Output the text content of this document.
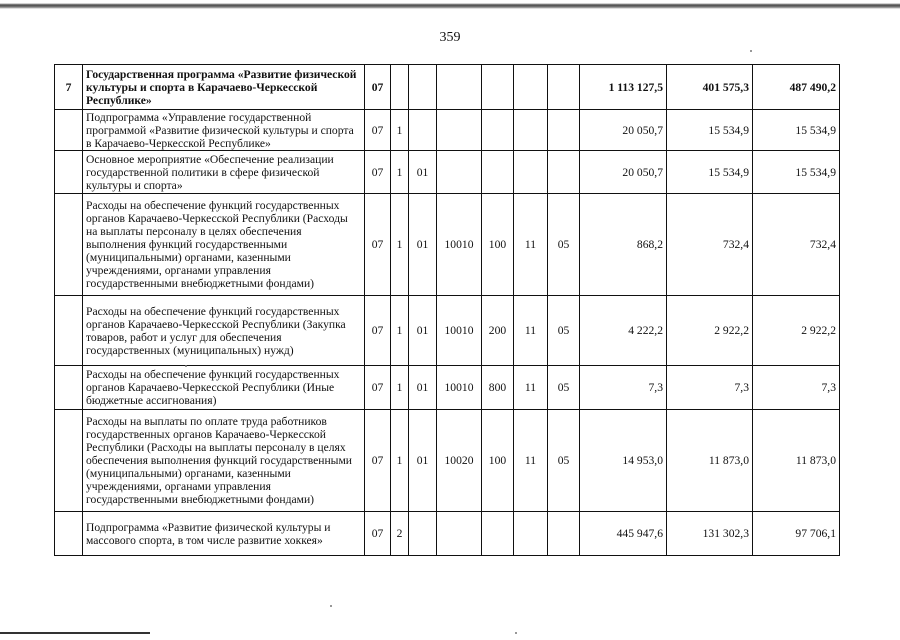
359
7	Государственная программа «Развитие физической культуры и спорта в Карачаево-Черкесской Республике»	07							1 113 127,5	401 575,3	487 490,2
	Подпрограмма «Управление государственной программой «Развитие физической культуры и спорта в Карачаево-Черкесской Республике»	07	1						20 050,7	15 534,9	15 534,9
	Основное мероприятие «Обеспечение реализации государственной политики в сфере физической культуры и спорта»	07	1	01					20 050,7	15 534,9	15 534,9
	Расходы на обеспечение функций государственных органов Карачаево-Черкесской Республики (Расходы на выплаты персоналу в целях обеспечения выполнения функций государственными (муниципальными) органами, казенными учреждениями, органами управления государственными внебюджетными фондами)	07	1	01	10010	100	11	05	868,2	732,4	732,4
	Расходы на обеспечение функций государственных органов Карачаево-Черкесской Республики (Закупка товаров, работ и услуг для обеспечения государственных (муниципальных) нужд)	07	1	01	10010	200	11	05	4 222,2	2 922,2	2 922,2
	Расходы на обеспечение функций государственных органов Карачаево-Черкесской Республики (Иные бюджетные ассигнования)	07	1	01	10010	800	11	05	7,3	7,3	7,3
	Расходы на выплаты по оплате труда работников государственных органов Карачаево-Черкесской Республики (Расходы на выплаты персоналу в целях обеспечения выполнения функций государственными (муниципальными) органами, казенными учреждениями, органами управления государственными внебюджетными фондами)	07	1	01	10020	100	11	05	14 953,0	11 873,0	11 873,0
	Подпрограмма «Развитие физической культуры и массового спорта, в том числе развитие хоккея»	07	2						445 947,6	131 302,3	97 706,1
